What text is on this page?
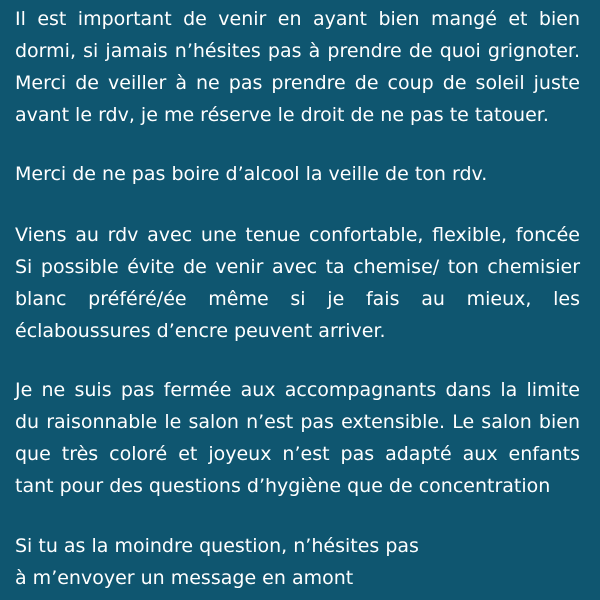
Il est important de venir en ayant bien mangé et bien
dormi, si jamais n’hésites pas à prendre de quoi grignoter.
Merci de veiller à ne pas prendre de coup de soleil juste
avant le rdv, je me réserve le droit de ne pas te tatouer.
Merci de ne pas boire d’alcool la veille de ton rdv.
Viens au rdv avec une tenue confortable, flexible, foncée
Si possible évite de venir avec ta chemise/ ton chemisier
blanc préféré/ée même si je fais au mieux, les
éclaboussures d’encre peuvent arriver.
Je ne suis pas fermée aux accompagnants dans la limite
du raisonnable le salon n’est pas extensible. Le salon bien
que très coloré et joyeux n’est pas adapté aux enfants
tant pour des questions d’hygiène que de concentration
Si tu as la moindre question, n’hésites pas
à m’envoyer un message en amont
